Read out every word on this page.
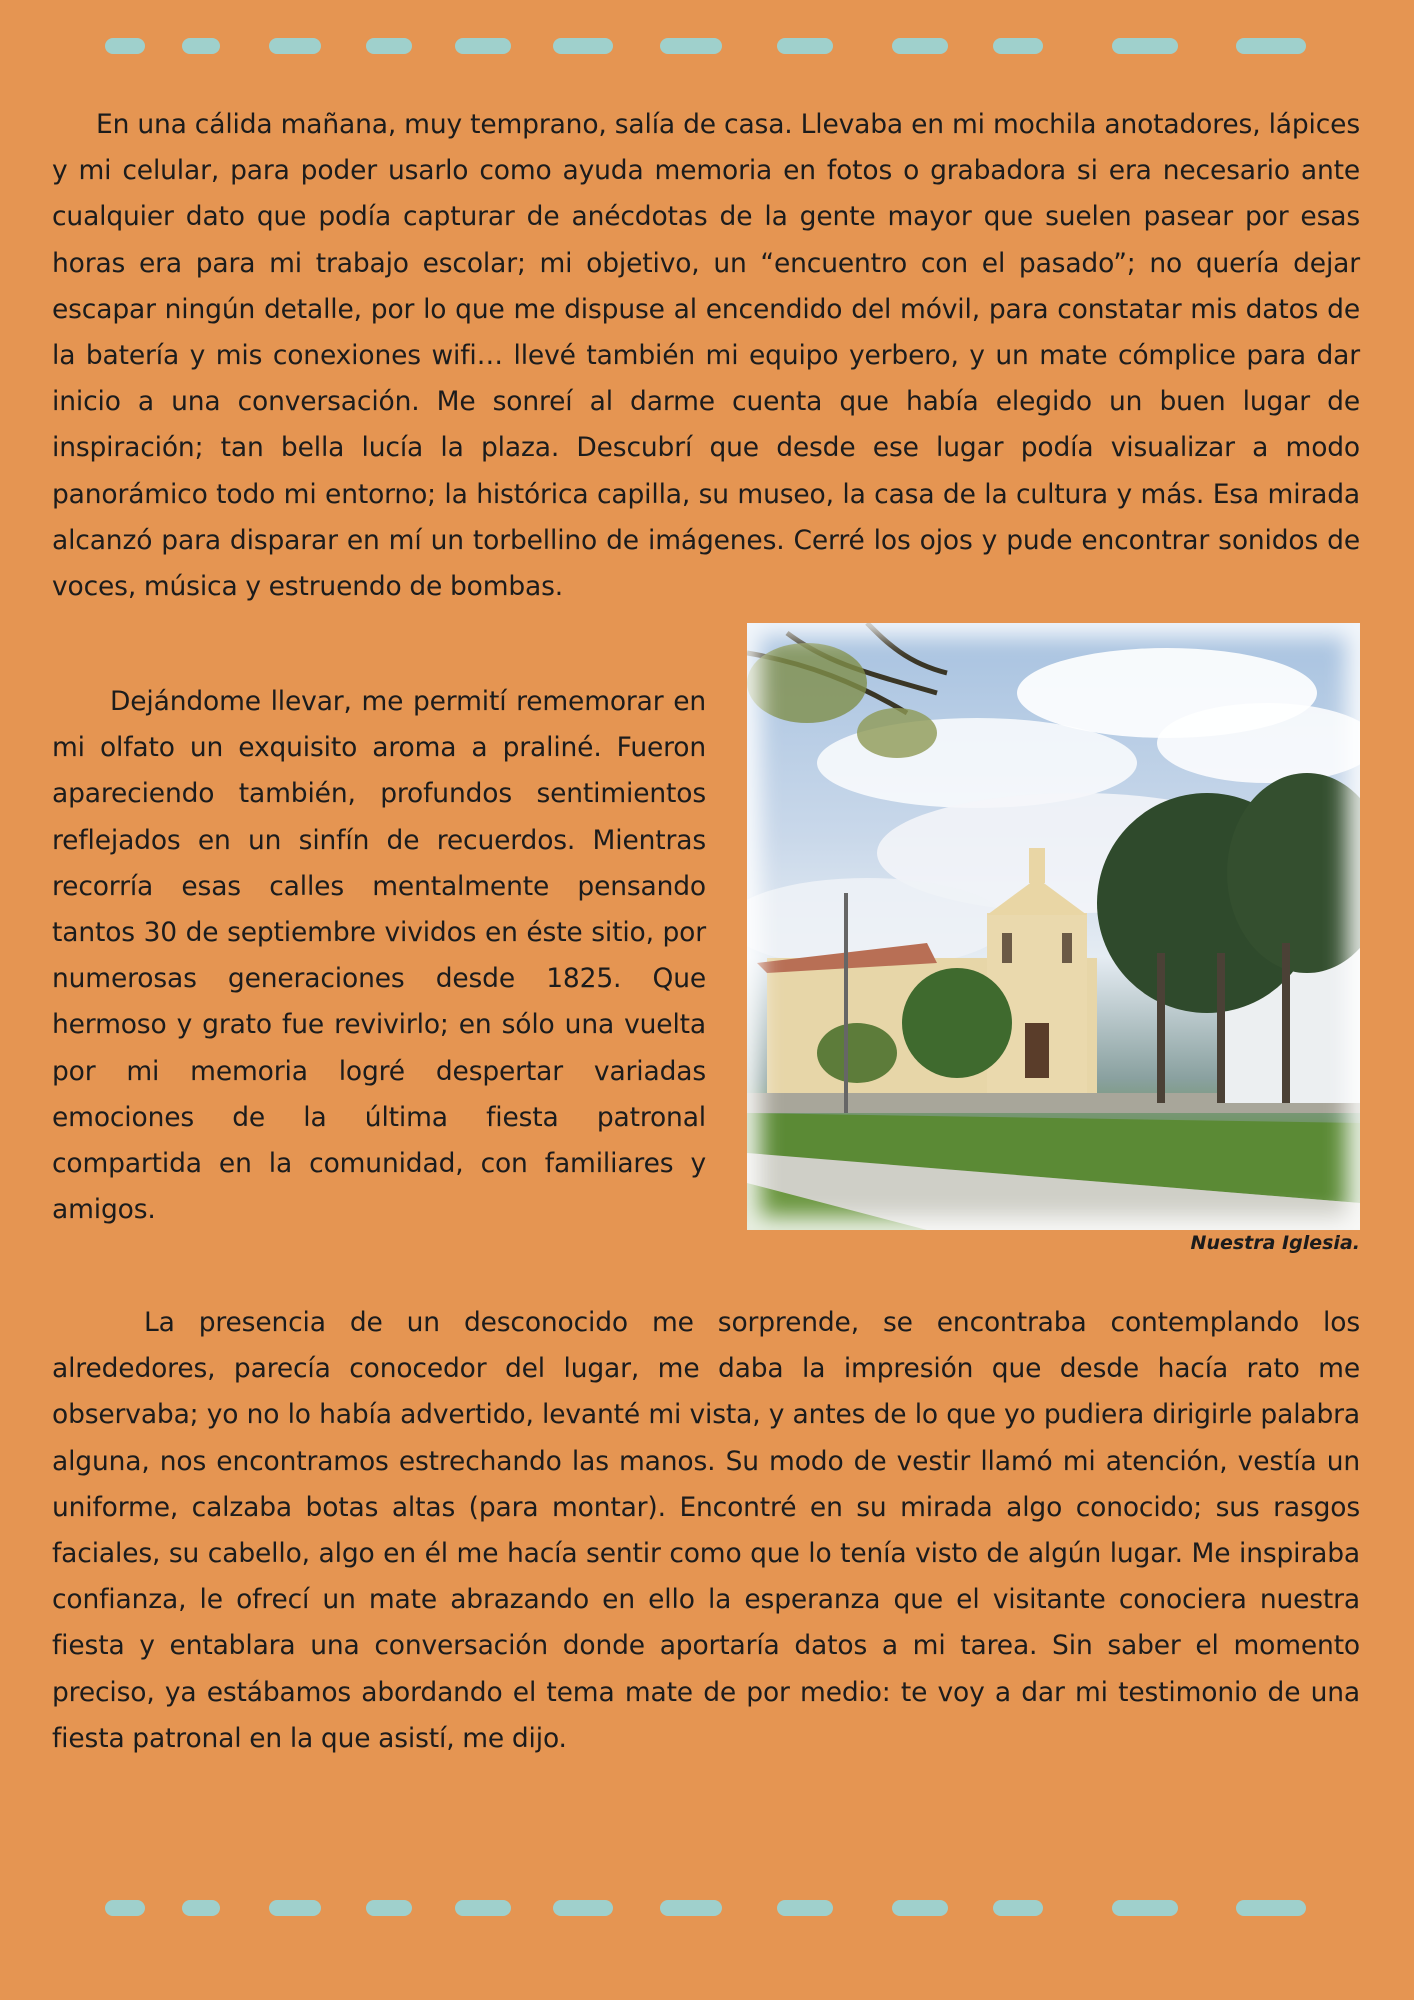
En una cálida mañana, muy temprano, salía de casa. Llevaba en mi mochila anotadores, lápices y mi celular, para poder usarlo como ayuda memoria en fotos o grabadora si era necesario ante cualquier dato que podía capturar de anécdotas de la gente mayor que suelen pasear por esas horas era para mi trabajo escolar; mi objetivo, un “encuentro con el pasado”; no quería dejar escapar ningún detalle, por lo que me dispuse al encendido del móvil, para constatar mis datos de la batería y mis conexiones wifi… llevé también mi equipo yerbero, y un mate cómplice para dar inicio a una conversación. Me sonreí al darme cuenta que había elegido un buen lugar de inspiración; tan bella lucía la plaza. Descubrí que desde ese lugar podía visualizar a modo panorámico todo mi entorno; la histórica capilla, su museo, la casa de la cultura y más. Esa mirada alcanzó para disparar en mí un torbellino de imágenes. Cerré los ojos y pude encontrar sonidos de voces, música y estruendo de bombas.

Nuestra Iglesia.

Dejándome llevar, me permití rememorar en mi olfato un exquisito aroma a praliné. Fueron apareciendo también, profundos sentimientos reflejados en un sinfín de recuerdos. Mientras recorría esas calles mentalmente pensando tantos 30 de septiembre vividos en éste sitio, por numerosas generaciones desde 1825. Que hermoso y grato fue revivirlo; en sólo una vuelta por mi memoria logré despertar variadas emociones de la última fiesta patronal compartida en la comunidad, con familiares y amigos.

La presencia de un desconocido me sorprende, se encontraba contemplando los alrededores, parecía conocedor del lugar, me daba la impresión que desde hacía rato me observaba; yo no lo había advertido, levanté mi vista, y antes de lo que yo pudiera dirigirle palabra alguna, nos encontramos estrechando las manos. Su modo de vestir llamó mi atención, vestía un uniforme, calzaba botas altas (para montar). Encontré en su mirada algo conocido; sus rasgos faciales, su cabello, algo en él me hacía sentir como que lo tenía visto de algún lugar. Me inspiraba confianza, le ofrecí un mate abrazando en ello la esperanza que el visitante conociera nuestra fiesta y entablara una conversación donde aportaría datos a mi tarea. Sin saber el momento preciso, ya estábamos abordando el tema mate de por medio: te voy a dar mi testimonio de una fiesta patronal en la que asistí, me dijo.
